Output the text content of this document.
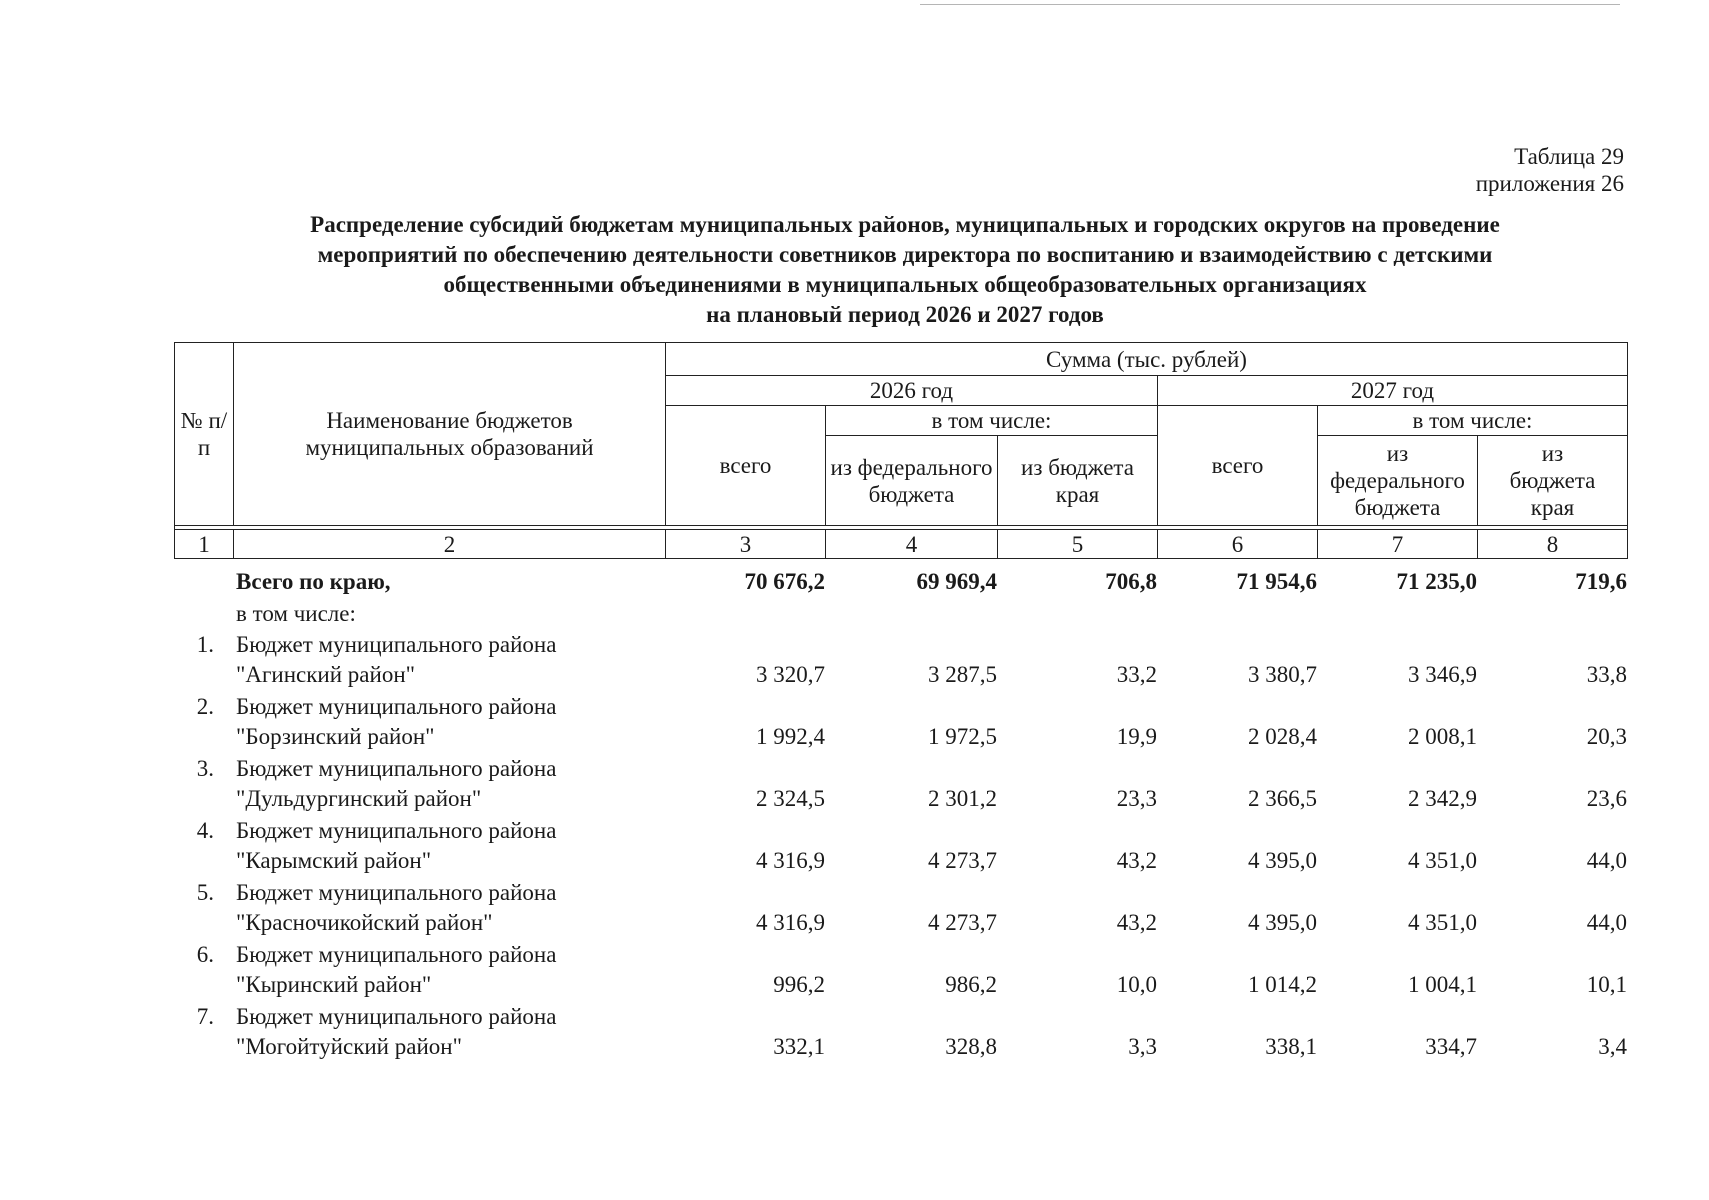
Таблица 29
приложения 26
Распределение субсидий бюджетам муниципальных районов, муниципальных и городских округов на проведение
мероприятий по обеспечению деятельности советников директора по воспитанию и взаимодействию с детскими
общественными объединениями в муниципальных общеобразовательных организациях
на плановый период 2026 и 2027 годов
№ п/п	Наименование бюджетов муниципальных образований	Сумма (тыс. рублей)					
		2026 год			2027 год		
		всего	в том числе:		всего	в том числе:	
			из федерального бюджета	из бюджета края		из федерального бюджета	из бюджета края

1	2	3	4	5	6	7	8
Всего по краю,	70 676,2	69 969,4	706,8	71 954,6	71 235,0	719,6
в том числе:
1. Бюджет муниципального района
"Агинский район"	3 320,7	3 287,5	33,2	3 380,7	3 346,9	33,8
2. Бюджет муниципального района
"Борзинский район"	1 992,4	1 972,5	19,9	2 028,4	2 008,1	20,3
3. Бюджет муниципального района
"Дульдургинский район"	2 324,5	2 301,2	23,3	2 366,5	2 342,9	23,6
4. Бюджет муниципального района
"Карымский район"	4 316,9	4 273,7	43,2	4 395,0	4 351,0	44,0
5. Бюджет муниципального района
"Красночикойский район"	4 316,9	4 273,7	43,2	4 395,0	4 351,0	44,0
6. Бюджет муниципального района
"Кыринский район"	996,2	986,2	10,0	1 014,2	1 004,1	10,1
7. Бюджет муниципального района
"Могойтуйский район"	332,1	328,8	3,3	338,1	334,7	3,4
